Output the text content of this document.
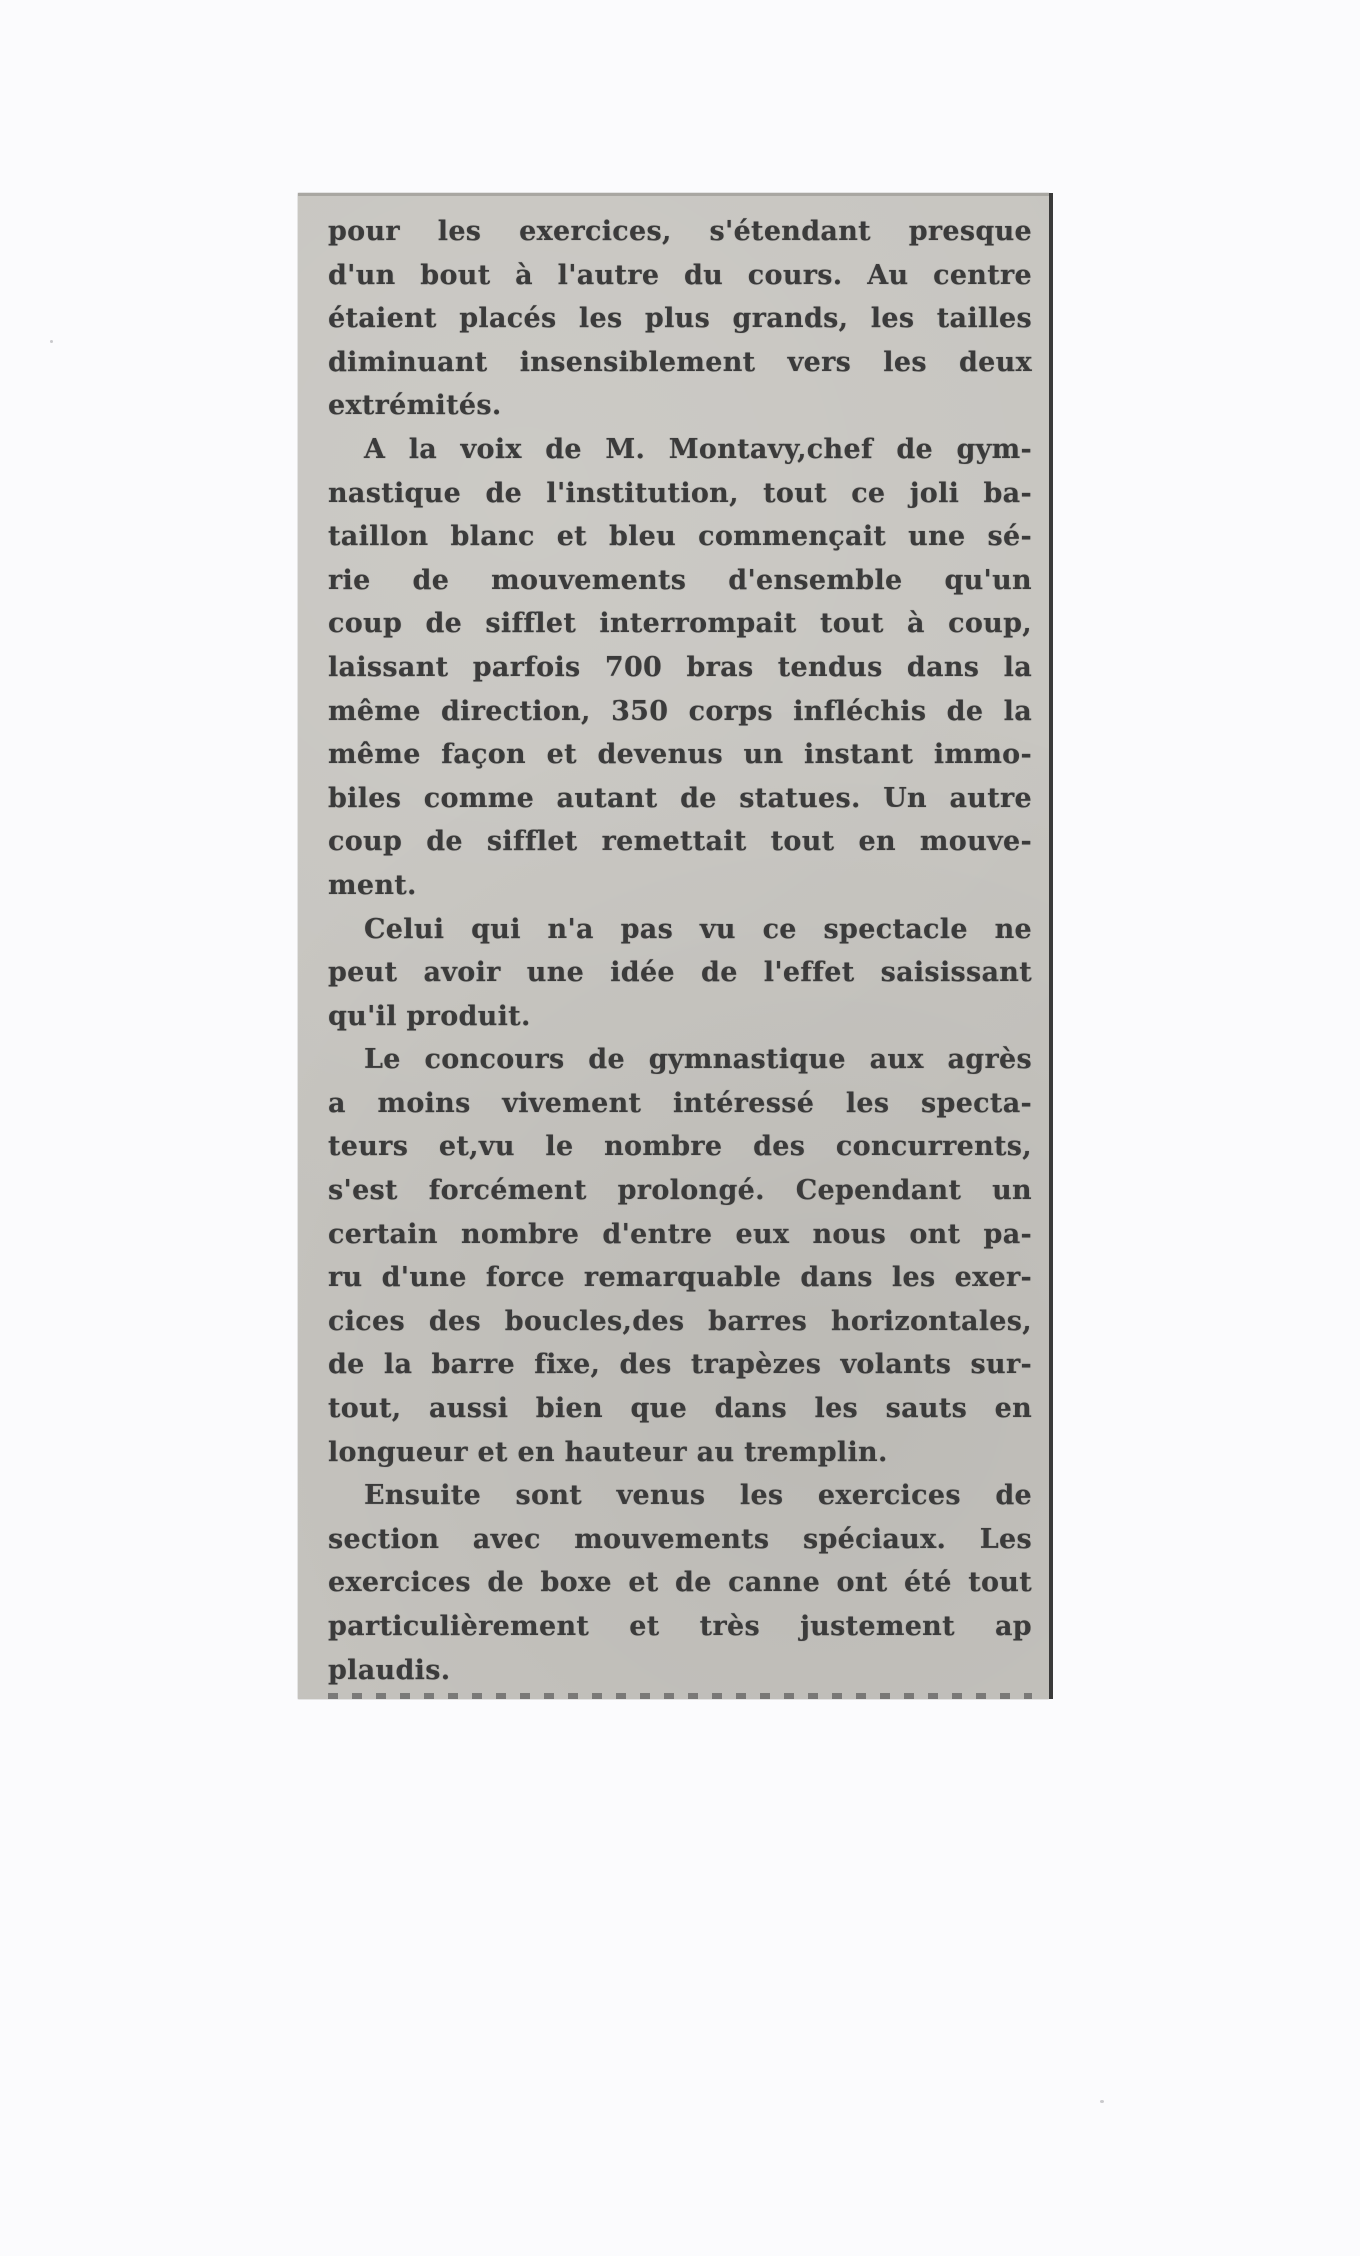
pour les exercices, s'étendant presque
d'un bout à l'autre du cours. Au centre
étaient placés les plus grands, les tailles
diminuant insensiblement vers les deux
extrémités.
A la voix de M. Montavy,chef de gym-
nastique de l'institution, tout ce joli ba-
taillon blanc et bleu commençait une sé-
rie de mouvements d'ensemble qu'un
coup de sifflet interrompait tout à coup,
laissant parfois 700 bras tendus dans la
même direction, 350 corps infléchis de la
même façon et devenus un instant immo-
biles comme autant de statues. Un autre
coup de sifflet remettait tout en mouve-
ment.
Celui qui n'a pas vu ce spectacle ne
peut avoir une idée de l'effet saisissant
qu'il produit.
Le concours de gymnastique aux agrès
a moins vivement intéressé les specta-
teurs et,vu le nombre des concurrents,
s'est forcément prolongé. Cependant un
certain nombre d'entre eux nous ont pa-
ru d'une force remarquable dans les exer-
cices des boucles,des barres horizontales,
de la barre fixe, des trapèzes volants sur-
tout, aussi bien que dans les sauts en
longueur et en hauteur au tremplin.
Ensuite sont venus les exercices de
section avec mouvements spéciaux. Les
exercices de boxe et de canne ont été tout
particulièrement et très justement ap
plaudis.
